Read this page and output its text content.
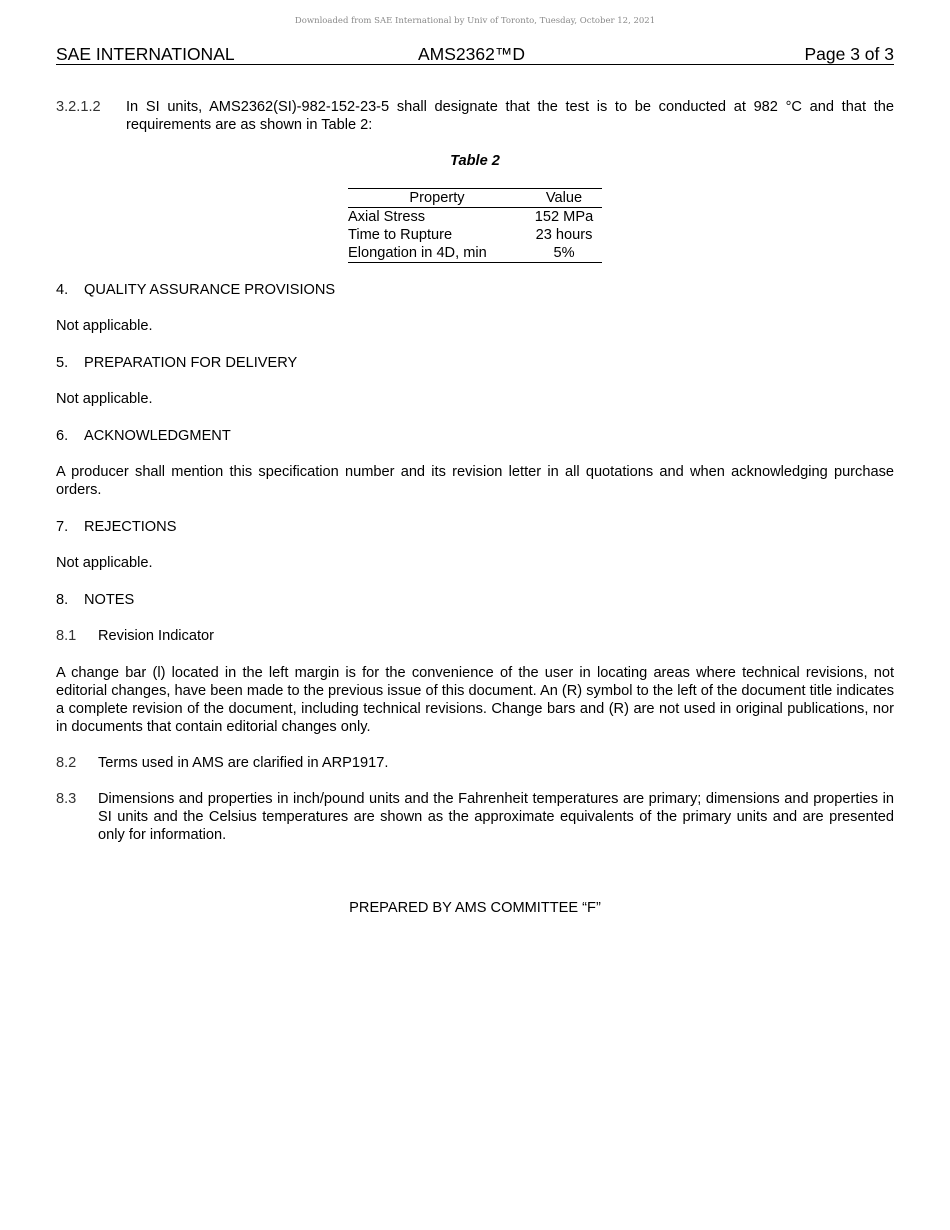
Downloaded from SAE International by Univ of Toronto, Tuesday, October 12, 2021
SAE INTERNATIONAL	AMS2362™D	Page 3 of 3
3.2.1.2 In SI units, AMS2362(SI)-982-152-23-5 shall designate that the test is to be conducted at 982 °C and that the requirements are as shown in Table 2:
Table 2
Property	Value
Axial Stress	152 MPa
Time to Rupture	23 hours
Elongation in 4D, min	5%
4. QUALITY ASSURANCE PROVISIONS
Not applicable.
5. PREPARATION FOR DELIVERY
Not applicable.
6. ACKNOWLEDGMENT
A producer shall mention this specification number and its revision letter in all quotations and when acknowledging purchase orders.
7. REJECTIONS
Not applicable.
8. NOTES
8.1 Revision Indicator
A change bar (l) located in the left margin is for the convenience of the user in locating areas where technical revisions, not editorial changes, have been made to the previous issue of this document. An (R) symbol to the left of the document title indicates a complete revision of the document, including technical revisions. Change bars and (R) are not used in original publications, nor in documents that contain editorial changes only.
8.2 Terms used in AMS are clarified in ARP1917.
8.3 Dimensions and properties in inch/pound units and the Fahrenheit temperatures are primary; dimensions and properties in SI units and the Celsius temperatures are shown as the approximate equivalents of the primary units and are presented only for information.
PREPARED BY AMS COMMITTEE “F”
